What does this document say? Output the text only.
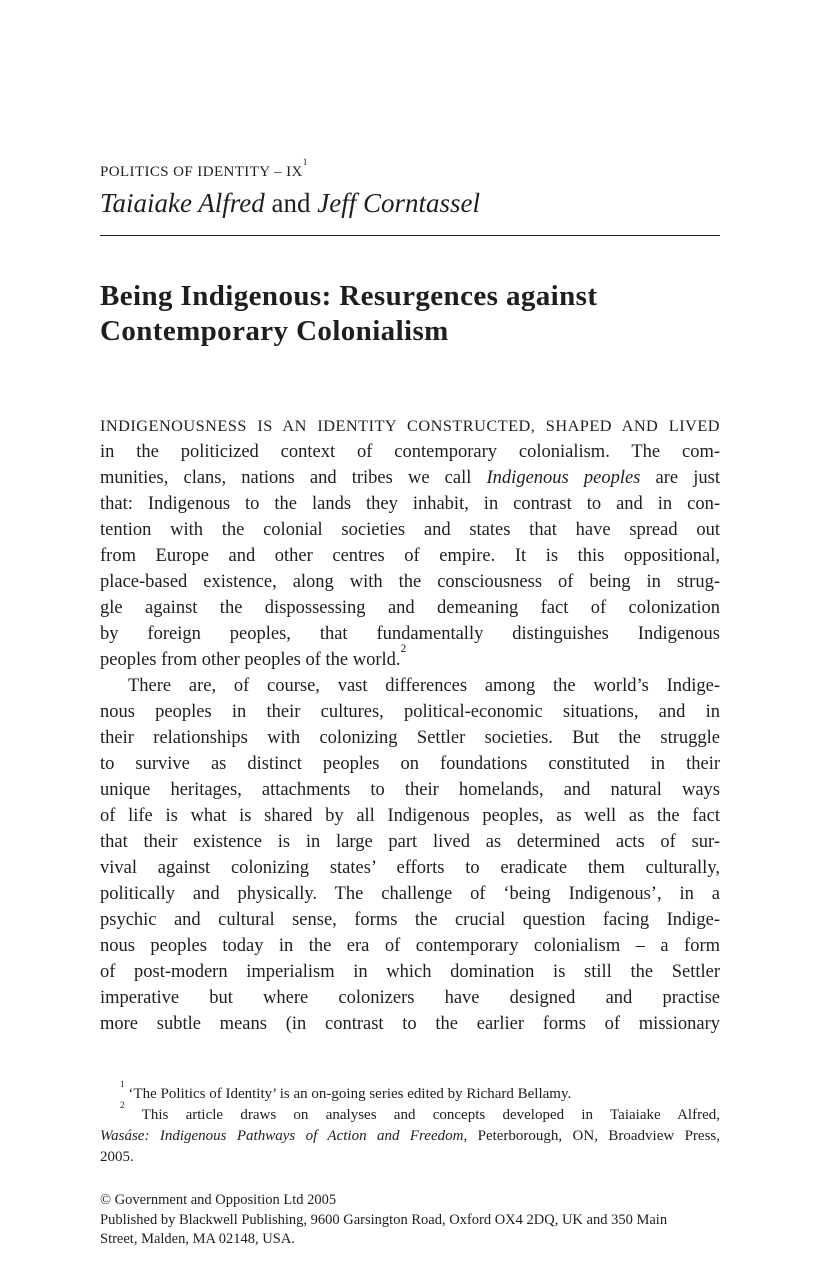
POLITICS OF IDENTITY – $IX^1$
Taiaiake Alfred and Jeff Corntassel
Being Indigenous: Resurgences against
Contemporary Colonialism
INDIGENOUSNESS IS AN IDENTITY CONSTRUCTED, SHAPED AND LIVED
in the politicized context of contemporary colonialism. The com-
munities, clans, nations and tribes we call Indigenous peoples are just
that: Indigenous to the lands they inhabit, in contrast to and in con-
tention with the colonial societies and states that have spread out
from Europe and other centres of empire. It is this oppositional,
place-based existence, along with the consciousness of being in strug-
gle against the dispossessing and demeaning fact of colonization
by foreign peoples, that fundamentally distinguishes Indigenous
peoples from other peoples of the world.$^2$
There are, of course, vast differences among the world’s Indige-
nous peoples in their cultures, political-economic situations, and in
their relationships with colonizing Settler societies. But the struggle
to survive as distinct peoples on foundations constituted in their
unique heritages, attachments to their homelands, and natural ways
of life is what is shared by all Indigenous peoples, as well as the fact
that their existence is in large part lived as determined acts of sur-
vival against colonizing states’ efforts to eradicate them culturally,
politically and physically. The challenge of ‘being Indigenous’, in a
psychic and cultural sense, forms the crucial question facing Indige-
nous peoples today in the era of contemporary colonialism – a form
of post-modern imperialism in which domination is still the Settler
imperative but where colonizers have designed and practise
more subtle means (in contrast to the earlier forms of missionary
$^1$ ‘The Politics of Identity’ is an on-going series edited by Richard Bellamy.
$^2$ This article draws on analyses and concepts developed in Taiaiake Alfred,
Wasáse: Indigenous Pathways of Action and Freedom, Peterborough, ON, Broadview Press,
2005.
© Government and Opposition Ltd 2005
Published by Blackwell Publishing, 9600 Garsington Road, Oxford OX4 2DQ, UK and 350 Main
Street, Malden, MA 02148, USA.
